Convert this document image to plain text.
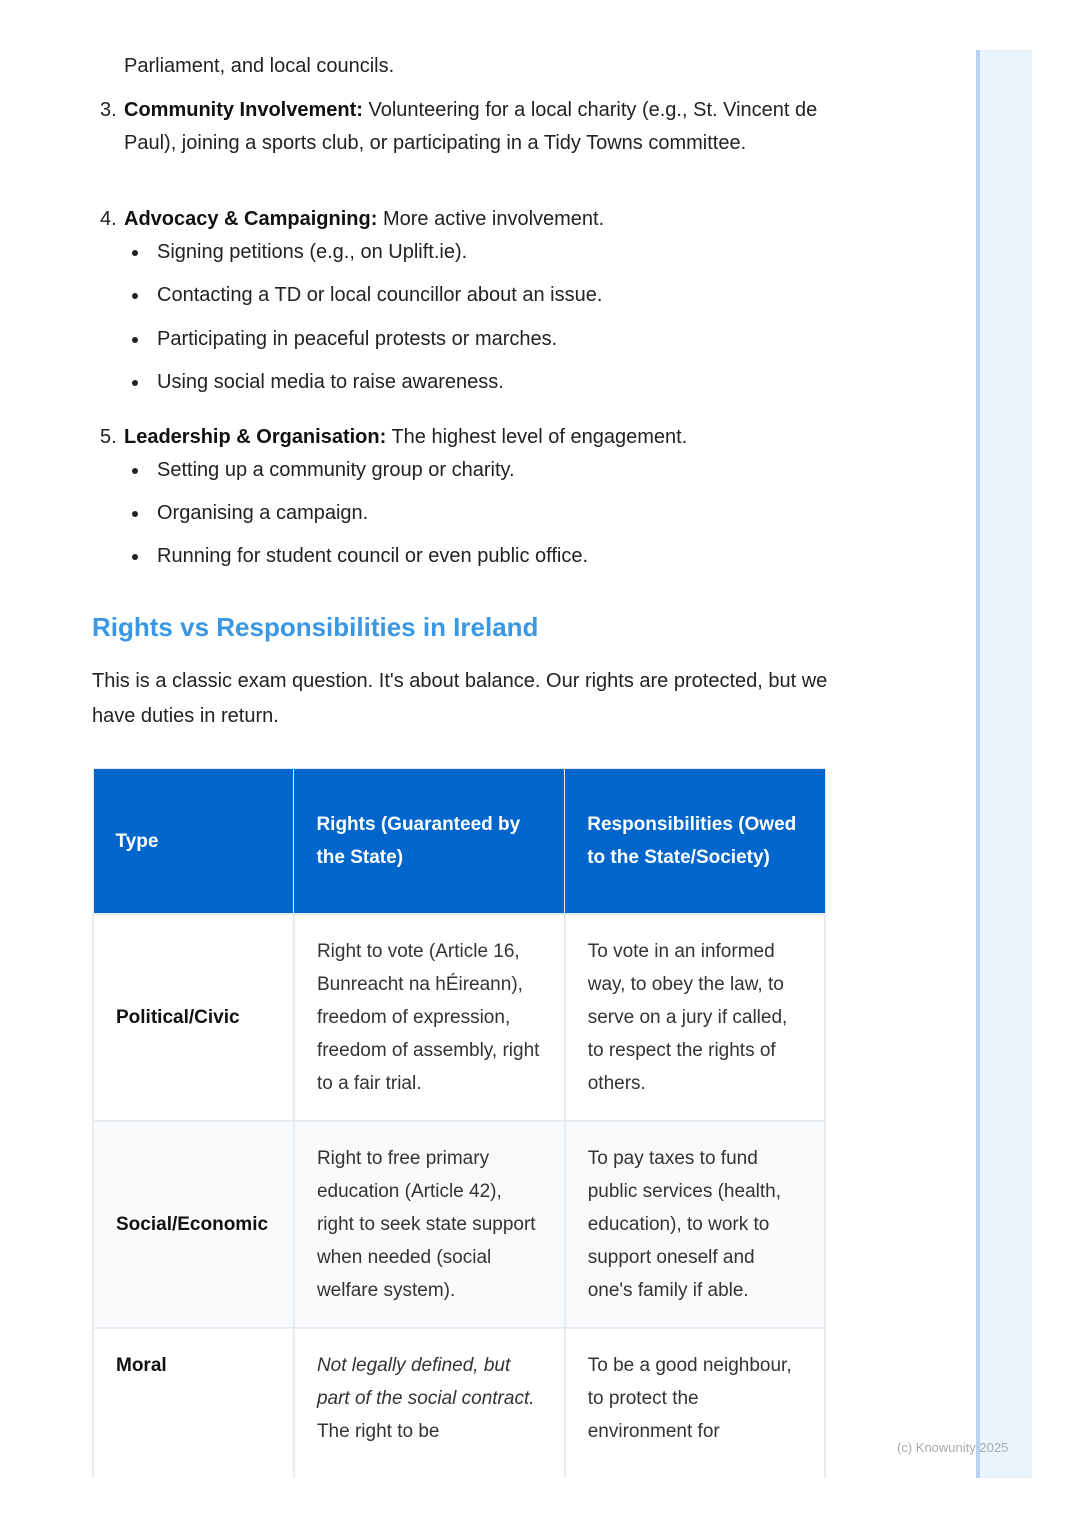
Parliament, and local councils.
3. Community Involvement: Volunteering for a local charity (e.g., St. Vincent de Paul), joining a sports club, or participating in a Tidy Towns committee.
4. Advocacy & Campaigning: More active involvement.
Signing petitions (e.g., on Uplift.ie).
Contacting a TD or local councillor about an issue.
Participating in peaceful protests or marches.
Using social media to raise awareness.
5. Leadership & Organisation: The highest level of engagement.
Setting up a community group or charity.
Organising a campaign.
Running for student council or even public office.
Rights vs Responsibilities in Ireland
This is a classic exam question. It's about balance. Our rights are protected, but we have duties in return.
Type	Rights (Guaranteed by the State)	Responsibilities (Owed to the State/Society)
Political/Civic	Right to vote (Article 16, Bunreacht na hÉireann), freedom of expression, freedom of assembly, right to a fair trial.	To vote in an informed way, to obey the law, to serve on a jury if called, to respect the rights of others.
Social/Economic	Right to free primary education (Article 42), right to seek state support when needed (social welfare system).	To pay taxes to fund public services (health, education), to work to support oneself and one's family if able.
Moral	Not legally defined, but part of the social contract. The right to be	To be a good neighbour, to protect the environment for
(c) Knowunity 2025
